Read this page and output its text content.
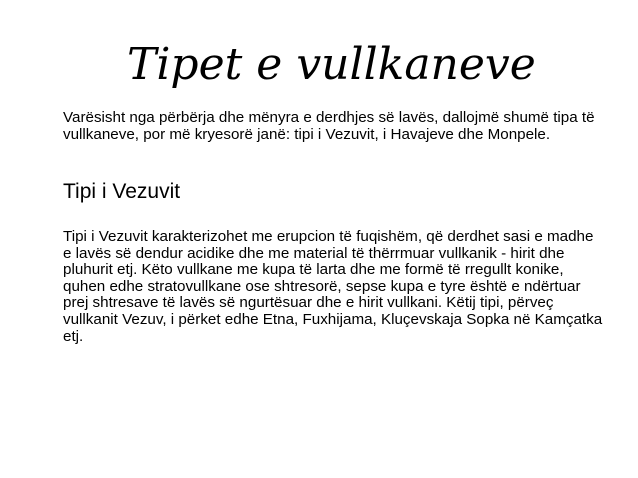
Tipet e vullkaneve

Varësisht nga përbërja dhe mënyra e derdhjes së lavës, dallojmë shumë tipa të vullkaneve, por më kryesorë janë: tipi i Vezuvit, i Havajeve dhe Monpele.

Tipi i Vezuvit

Tipi i Vezuvit karakterizohet me erupcion të fuqishëm, që derdhet sasi e madhe e lavës së dendur acidike dhe me material të thërrmuar vullkanik - hirit dhe pluhurit etj. Këto vullkane me kupa të larta dhe me formë të rregullt konike, quhen edhe stratovullkane ose shtresorë, sepse kupa e tyre është e ndërtuar prej shtresave të lavës së ngurtësuar dhe e hirit vullkani. Këtij tipi, përveç vullkanit Vezuv, i përket edhe Etna, Fuxhijama, Kluçevskaja Sopka në Kamçatka etj.
